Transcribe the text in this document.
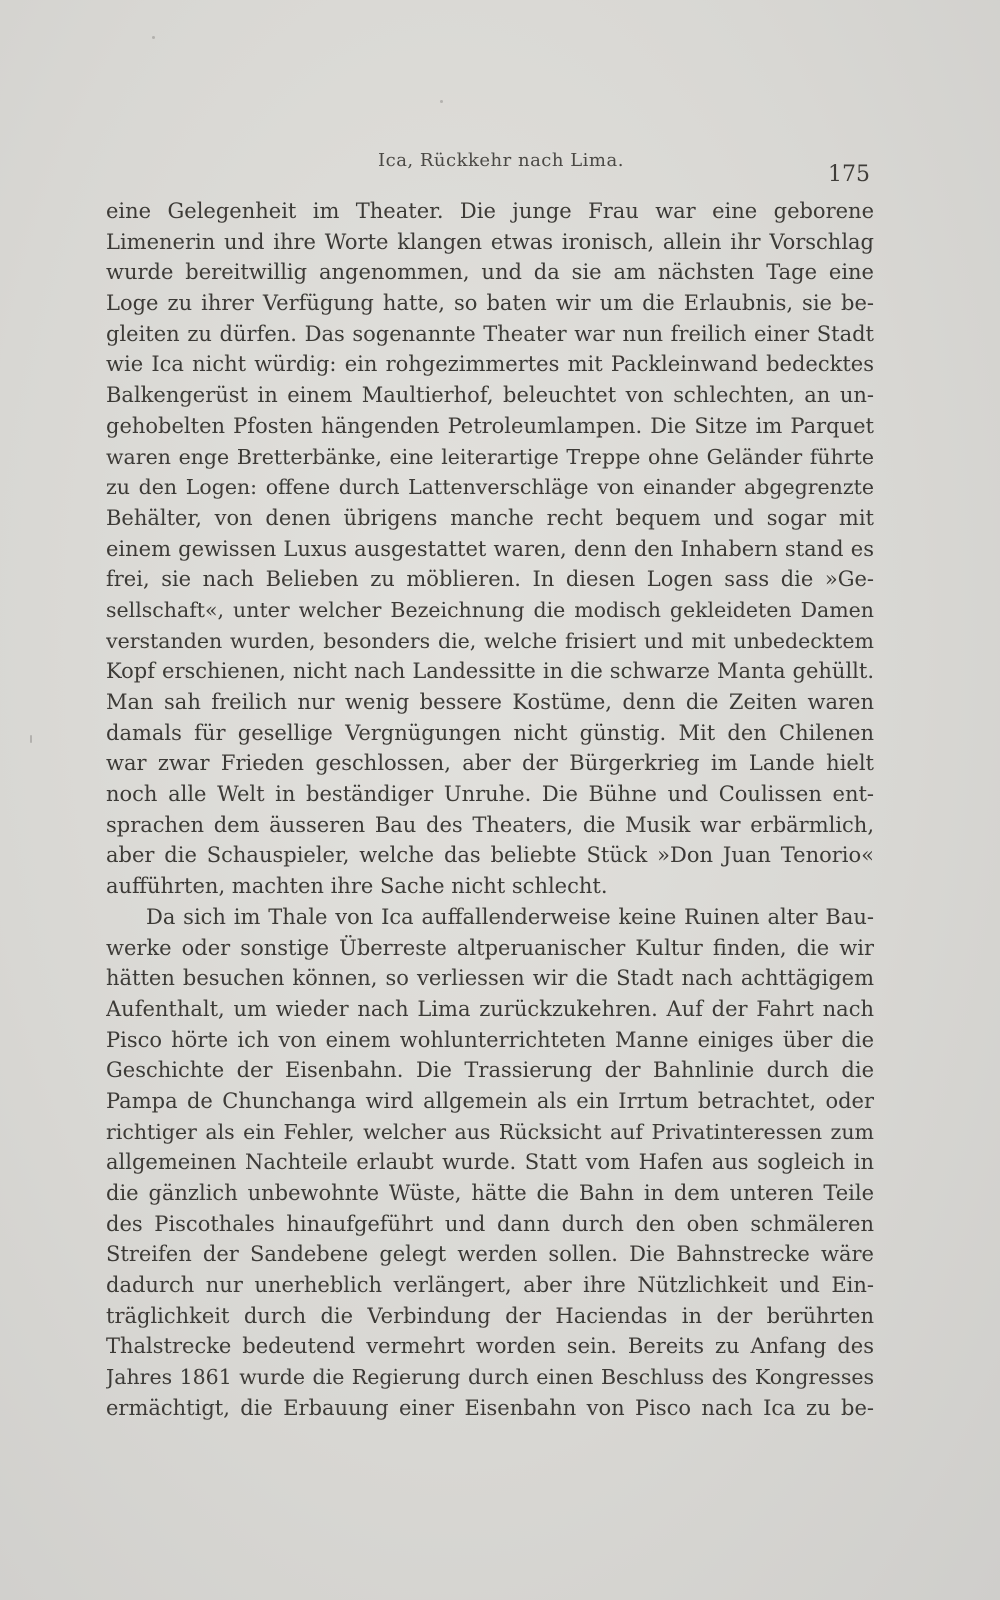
Ica, Rückkehr nach Lima.
175
eine Gelegenheit im Theater. Die junge Frau war eine geborene
Limenerin und ihre Worte klangen etwas ironisch, allein ihr Vorschlag
wurde bereitwillig angenommen, und da sie am nächsten Tage eine
Loge zu ihrer Verfügung hatte, so baten wir um die Erlaubnis, sie be-
gleiten zu dürfen. Das sogenannte Theater war nun freilich einer Stadt
wie Ica nicht würdig: ein rohgezimmertes mit Packleinwand bedecktes
Balkengerüst in einem Maultierhof, beleuchtet von schlechten, an un-
gehobelten Pfosten hängenden Petroleumlampen. Die Sitze im Parquet
waren enge Bretterbänke, eine leiterartige Treppe ohne Geländer führte
zu den Logen: offene durch Lattenverschläge von einander abgegrenzte
Behälter, von denen übrigens manche recht bequem und sogar mit
einem gewissen Luxus ausgestattet waren, denn den Inhabern stand es
frei, sie nach Belieben zu möblieren. In diesen Logen sass die »Ge-
sellschaft«, unter welcher Bezeichnung die modisch gekleideten Damen
verstanden wurden, besonders die, welche frisiert und mit unbedecktem
Kopf erschienen, nicht nach Landessitte in die schwarze Manta gehüllt.
Man sah freilich nur wenig bessere Kostüme, denn die Zeiten waren
damals für gesellige Vergnügungen nicht günstig. Mit den Chilenen
war zwar Frieden geschlossen, aber der Bürgerkrieg im Lande hielt
noch alle Welt in beständiger Unruhe. Die Bühne und Coulissen ent-
sprachen dem äusseren Bau des Theaters, die Musik war erbärmlich,
aber die Schauspieler, welche das beliebte Stück »Don Juan Tenorio«
aufführten, machten ihre Sache nicht schlecht.
Da sich im Thale von Ica auffallenderweise keine Ruinen alter Bau-
werke oder sonstige Überreste altperuanischer Kultur finden, die wir
hätten besuchen können, so verliessen wir die Stadt nach achttägigem
Aufenthalt, um wieder nach Lima zurückzukehren. Auf der Fahrt nach
Pisco hörte ich von einem wohlunterrichteten Manne einiges über die
Geschichte der Eisenbahn. Die Trassierung der Bahnlinie durch die
Pampa de Chunchanga wird allgemein als ein Irrtum betrachtet, oder
richtiger als ein Fehler, welcher aus Rücksicht auf Privatinteressen zum
allgemeinen Nachteile erlaubt wurde. Statt vom Hafen aus sogleich in
die gänzlich unbewohnte Wüste, hätte die Bahn in dem unteren Teile
des Piscothales hinaufgeführt und dann durch den oben schmäleren
Streifen der Sandebene gelegt werden sollen. Die Bahnstrecke wäre
dadurch nur unerheblich verlängert, aber ihre Nützlichkeit und Ein-
träglichkeit durch die Verbindung der Haciendas in der berührten
Thalstrecke bedeutend vermehrt worden sein. Bereits zu Anfang des
Jahres 1861 wurde die Regierung durch einen Beschluss des Kongresses
ermächtigt, die Erbauung einer Eisenbahn von Pisco nach Ica zu be-
